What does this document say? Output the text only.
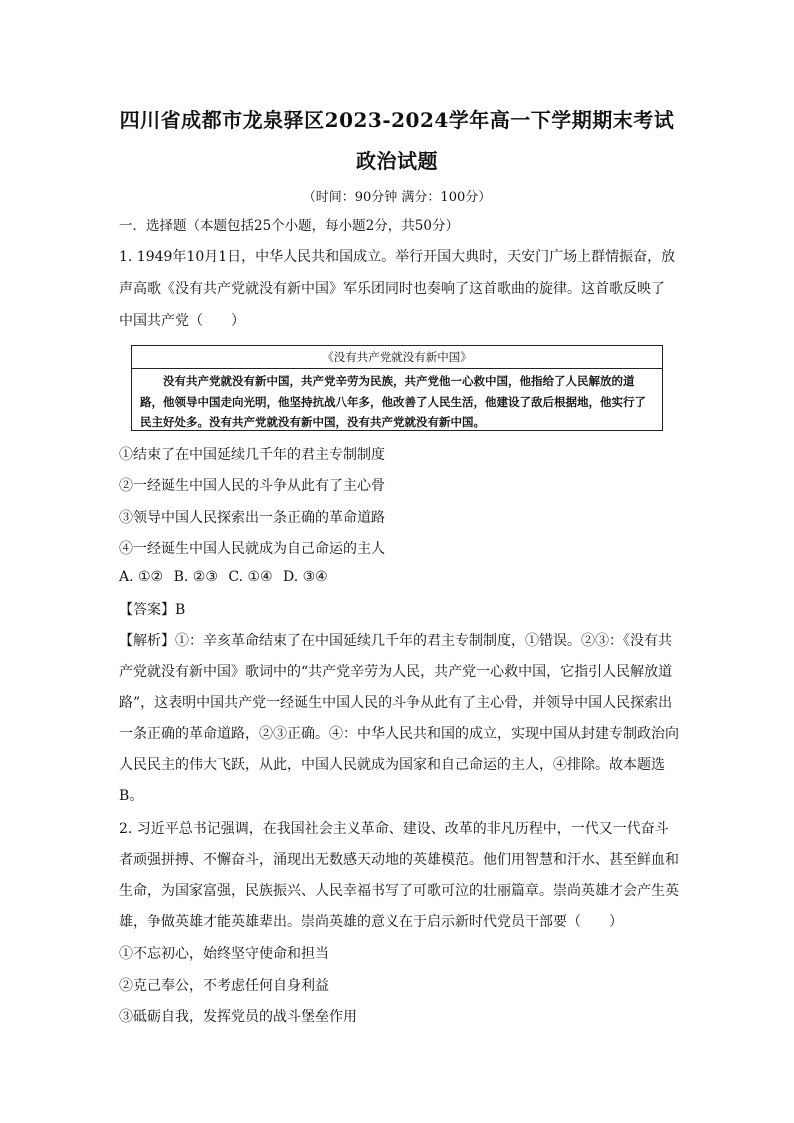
四川省成都市龙泉驿区2023-2024学年高一下学期期末考试
政治试题
（时间：90分钟 满分：100分）
一．选择题（本题包括25个小题，每小题2分，共50分）
1. 1949年10月1日，中华人民共和国成立。举行开国大典时，天安门广场上群情振奋，放
声高歌《没有共产党就没有新中国》军乐团同时也奏响了这首歌曲的旋律。这首歌反映了
中国共产党（　　）
《没有共产党就没有新中国》
没有共产党就没有新中国，共产党辛劳为民族，共产党他一心救中国，他指给了人民解放的道路，他领导中国走向光明，他坚持抗战八年多，他改善了人民生活，他建设了敌后根据地，他实行了民主好处多。没有共产党就没有新中国，没有共产党就没有新中国。
①结束了在中国延续几千年的君主专制制度
②一经诞生中国人民的斗争从此有了主心骨
③领导中国人民探索出一条正确的革命道路
④一经诞生中国人民就成为自己命运的主人
A. ①② B. ②③ C. ①④ D. ③④
【答案】B
【解析】①：辛亥革命结束了在中国延续几千年的君主专制制度，①错误。②③：《没有共产党就没有新中国》歌词中的“共产党辛劳为人民，共产党一心救中国，它指引人民解放道路”，这表明中国共产党一经诞生中国人民的斗争从此有了主心骨，并领导中国人民探索出一条正确的革命道路，②③正确。④：中华人民共和国的成立，实现中国从封建专制政治向人民民主的伟大飞跃，从此，中国人民就成为国家和自己命运的主人，④排除。故本题选B。
2. 习近平总书记强调，在我国社会主义革命、建设、改革的非凡历程中，一代又一代奋斗者顽强拼搏、不懈奋斗，涌现出无数感天动地的英雄模范。他们用智慧和汗水、甚至鲜血和生命，为国家富强，民族振兴、人民幸福书写了可歌可泣的壮丽篇章。崇尚英雄才会产生英雄，争做英雄才能英雄辈出。崇尚英雄的意义在于启示新时代党员干部要（　　）
①不忘初心，始终坚守使命和担当
②克己奉公，不考虑任何自身利益
③砥砺自我，发挥党员的战斗堡垒作用
